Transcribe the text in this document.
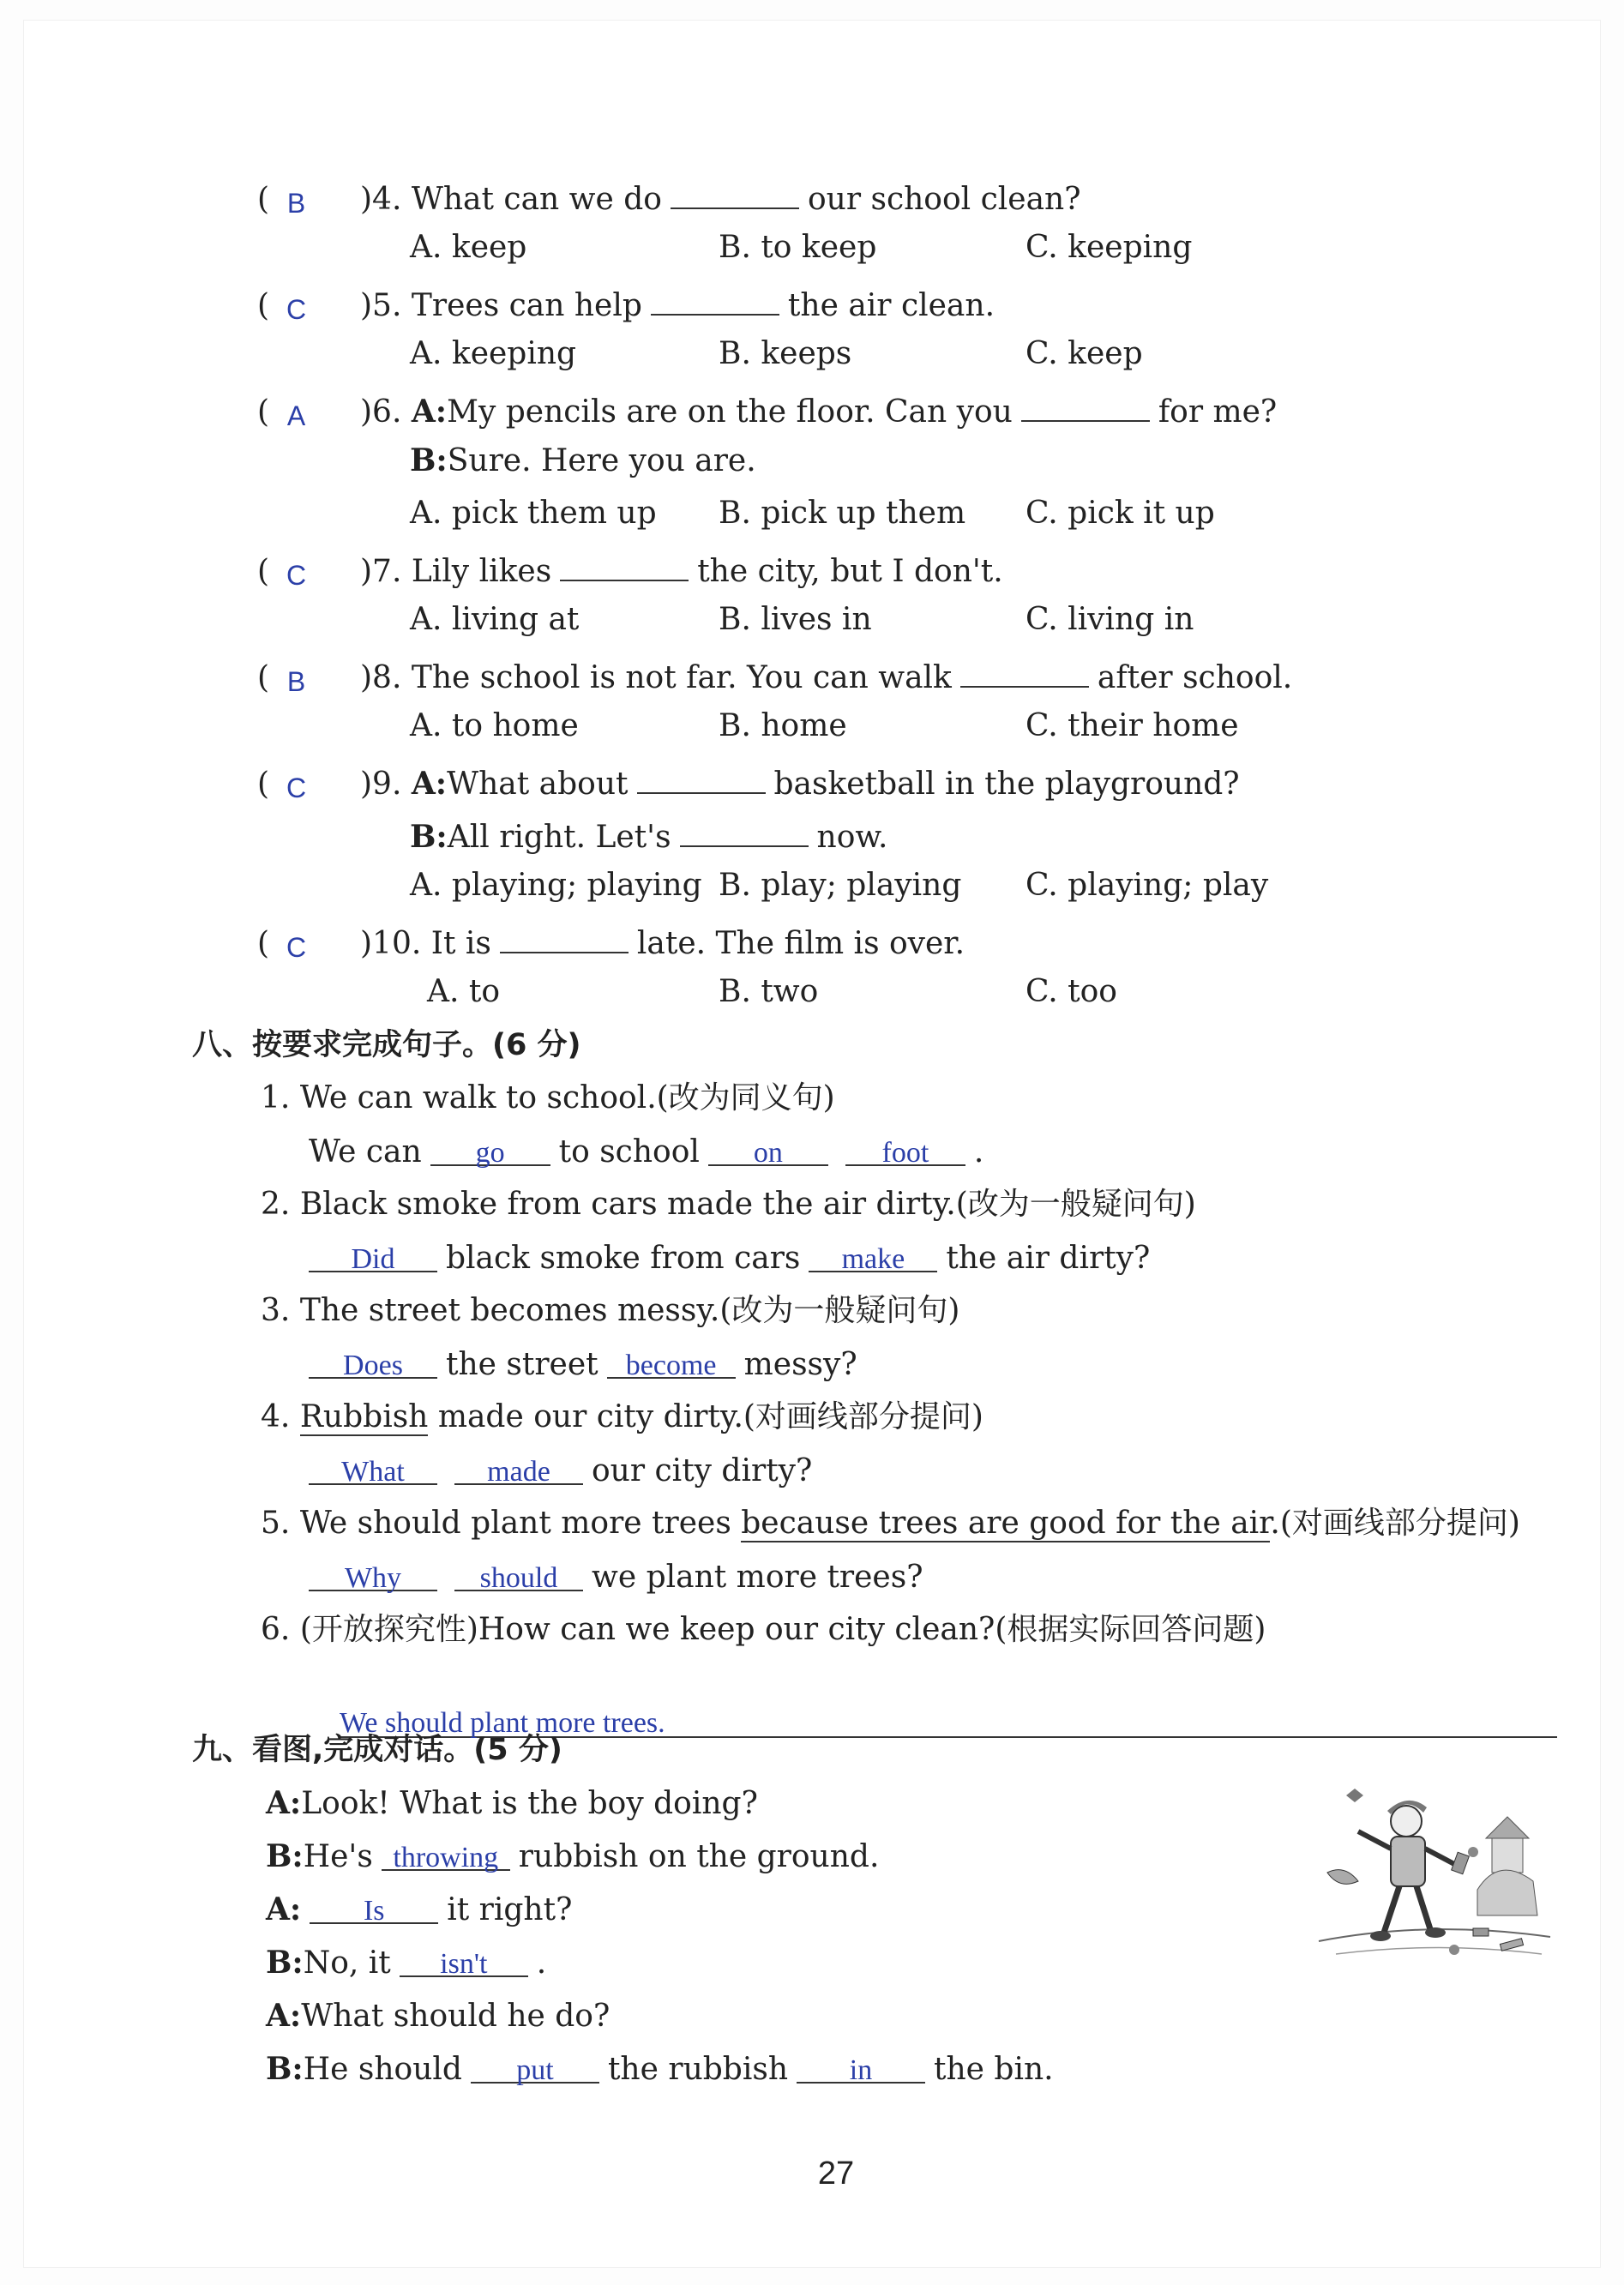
( B )4. What can we do	our school clean?
A. keep	B. to keep	C. keeping
( C )5. Trees can help	the air clean.
A. keeping	B. keeps	C. keep
( A )6. A:My pencils are on the floor. Can you	for me?
B:Sure. Here you are.
A. pick them up B. pick up them C. pick it up
( C )7. Lily likes	the city, but I don't.
A. living at	B. lives in	C. living in
( B )8. The school is not far. You can walk	after school.
A. to home	B. home	C. their home
( C )9. A:What about	basketball in the playground?
B:All right. Let's	now.
A. playing; playing B. play; playing C. playing; play
( C )10. It is	late. The film is over.
A. to	B. two	C. too
八、按要求完成句子。(6 分)
1. We can walk to school.(改为同义句)
We can go to school on	foot .
2. Black smoke from cars made the air dirty.(改为一般疑问句)
Did black smoke from cars make the air dirty?
3. The street becomes messy.(改为一般疑问句)
Does the street become messy?
4. Rubbish made our city dirty.(对画线部分提问)
What	made our city dirty?
5. We should plant more trees because trees are good for the air.(对画线部分提问)
Why	should we plant more trees?
6. (开放探究性)How can we keep our city clean?(根据实际回答问题)
We should plant more trees.
九、看图,完成对话。(5 分)
A:Look! What is the boy doing?
B:He's throwing rubbish on the ground.
A: Is it right?
B:No, it isn't .
A:What should he do?
B:He should put the rubbish in the bin.
27
